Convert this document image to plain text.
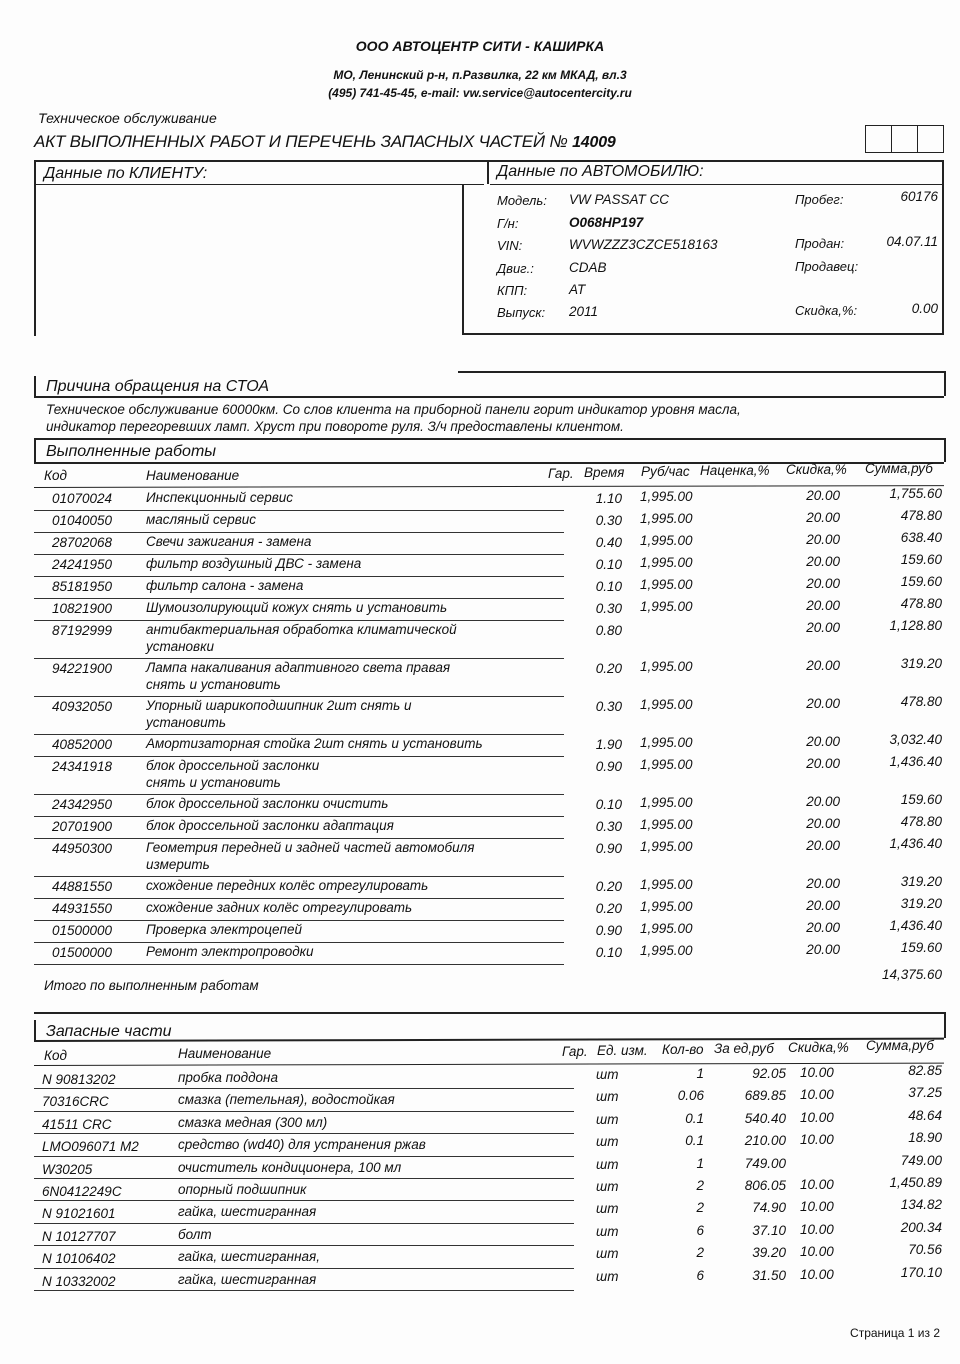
ООО АВТОЦЕНТР СИТИ - КАШИРКА
МО, Ленинский р-н, п.Развилка, 22 км МКАД, вл.3
(495) 741-45-45, e-mail: vw.service@autocentercity.ru
Техническое обслуживание
АКТ ВЫПОЛНЕННЫХ РАБОТ И ПЕРЕЧЕНЬ ЗАПАСНЫХ ЧАСТЕЙ № 14009
Данные по КЛИЕНТУ:	Данные по АВТОМОБИЛЮ:
Модель: VW PASSAT CC
Г/н:	O068HP197
VIN:	WVWZZZ3CZCE518163
Двиг.:	CDAB
КПП:	AT
Выпуск: 2011
Пробег:	60176
Продан:	04.07.11
Продавец:
Скидка,%:	0.00
Причина обращения на СТОА
Техническое обслуживание 60000км. Со слов клиента на приборной панели горит индикатор уровня масла,
индикатор перегоревших ламп. Хруст при повороте руля. З/ч предоставлены клиентом.
Выполненные работы
Код	Наименование	Гар. Время Руб/час Наценка,% Скидка,% Сумма,руб
01070024	Инспекционный сервис	1.10 1,995.00	20.00	1,755.60
01040050	масляный сервис	0.30 1,995.00	20.00	478.80
28702068	Свечи зажигания - замена	0.40 1,995.00	20.00	638.40
24241950	фильтр воздушный ДВС - замена	0.10 1,995.00	20.00	159.60
85181950	фильтр салона - замена	0.10 1,995.00	20.00	159.60
10821900	Шумоизолирующий кожух снять и установить	0.30 1,995.00	20.00	478.80
87192999	антибактериальная обработка климатической	0.80	20.00	1,128.80
установки
94221900	Лампа накаливания адаптивного света правая	0.20 1,995.00	20.00	319.20
снять и установить
40932050	Упорный шарикоподшипник 2шт снять и	0.30 1,995.00	20.00	478.80
установить
40852000	Амортизаторная стойка 2шт снять и установить	1.90 1,995.00	20.00	3,032.40
24341918	блок дроссельной заслонки	0.90 1,995.00	20.00	1,436.40
снять и установить
24342950	блок дроссельной заслонки очистить	0.10 1,995.00	20.00	159.60
20701900	блок дроссельной заслонки адаптация	0.30 1,995.00	20.00	478.80
44950300	Геометрия передней и задней частей автомобиля	0.90 1,995.00	20.00	1,436.40
измерить
44881550	схождение передних колёс отрегулировать	0.20 1,995.00	20.00	319.20
44931550	схождение задних колёс отрегулировать	0.20 1,995.00	20.00	319.20
01500000	Проверка электроцепей	0.90 1,995.00	20.00	1,436.40
01500000	Ремонт электропроводки	0.10 1,995.00	20.00	159.60
Итого по выполненным работам
14,375.60
Запасные части
Код	Наименование	Гар. Ед. изм. Кол-во За ед,руб Скидка,% Сумма,руб
N 90813202	пробка поддона	шт	1	92.05 10.00	82.85
70316CRC	смазка (петельная), водостойкая	шт	0.06	689.85 10.00	37.25
41511 CRC	смазка медная (300 мл)	шт	0.1	540.40 10.00	48.64
LMO096071 M2	средство (wd40) для устранения ржав	шт	0.1	210.00 10.00	18.90
W30205	очиститель кондиционера, 100 мл	шт	1	749.00	749.00
6N0412249C	опорный подшипник	шт	2	806.05 10.00	1,450.89
N 91021601	гайка, шестигранная	шт	2	74.90 10.00	134.82
N 10127707	болт	шт	6	37.10 10.00	200.34
N 10106402	гайка, шестигранная,	шт	2	39.20 10.00	70.56
N 10332002	гайка, шестигранная	шт	6	31.50 10.00	170.10
Страница 1 из 2
